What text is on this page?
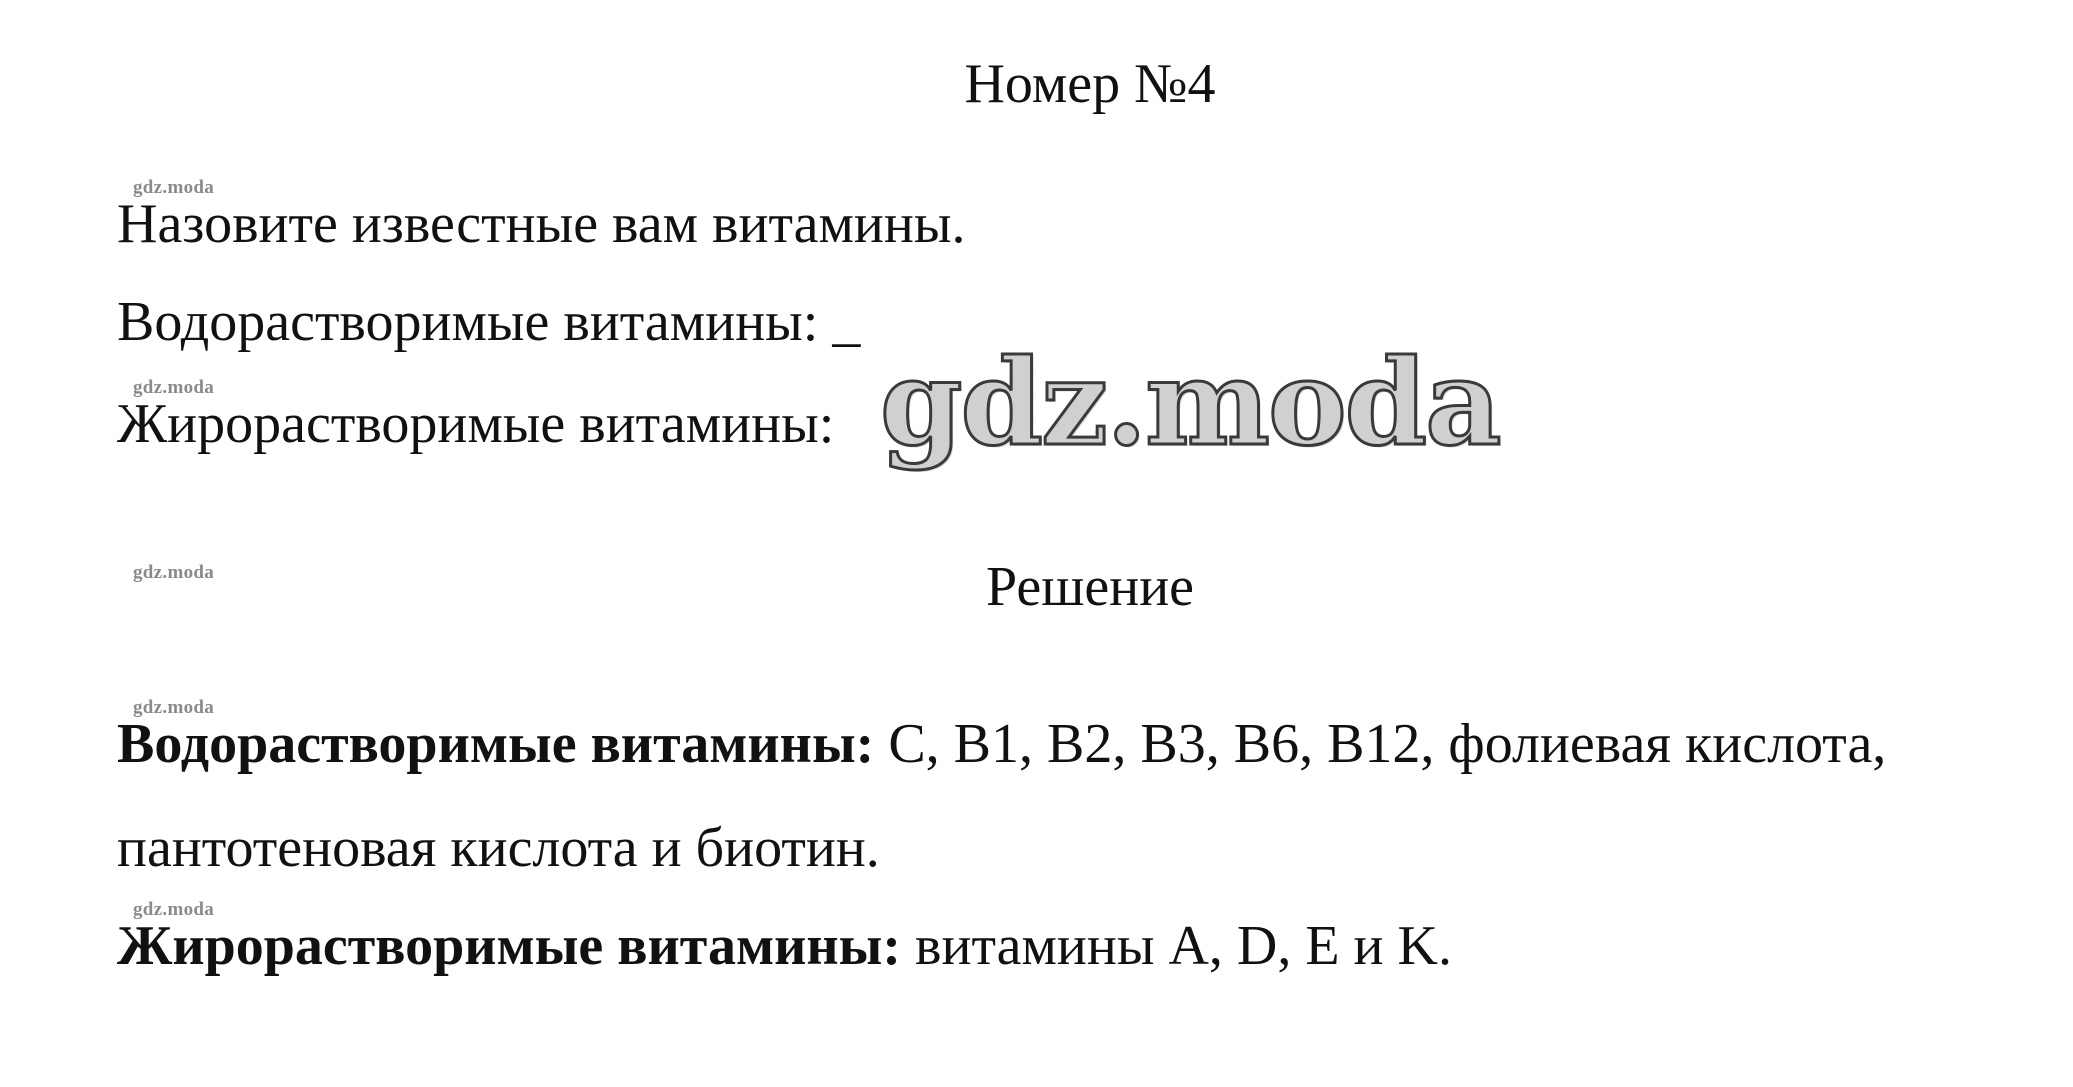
Номер №4
gdz.moda
Назовите известные вам витамины.
Водорастворимые витамины: _
gdz.moda
Жирорастворимые витамины: gdz.moda
gdz.moda	Решение
gdz.moda
Водорастворимые витамины: C, B1, B2, B3, B6, B12, фолиевая кислота,
пантотеновая кислота и биотин.
gdz.moda
Жирорастворимые витамины: витамины A, D, E и K.
